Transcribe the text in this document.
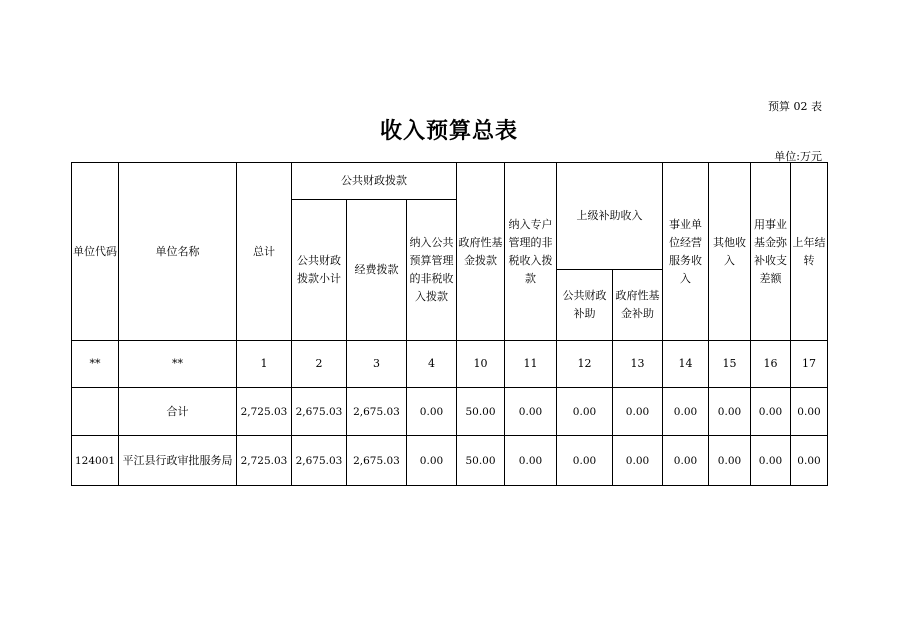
预算 02 表
收入预算总表
单位:万元
单位代码	单位名称	总计	公共财政拨款			政府性基金拨款	纳入专户管理的非税收入拨款	上级补助收入		事业单位经营服务收入	其他收入	用事业基金弥补收支差额	上年结转
			公共财政拨款小计	经费拨款	纳入公共预算管理的非税收入拨款								
								公共财政补助	政府性基金补助				

**	**	1	2	3	4	10	11	12	13	14	15	16	17
	合计	2,725.03	2,675.03	2,675.03	0.00	50.00	0.00	0.00	0.00	0.00	0.00	0.00	0.00
124001	平江县行政审批服务局	2,725.03	2,675.03	2,675.03	0.00	50.00	0.00	0.00	0.00	0.00	0.00	0.00	0.00
